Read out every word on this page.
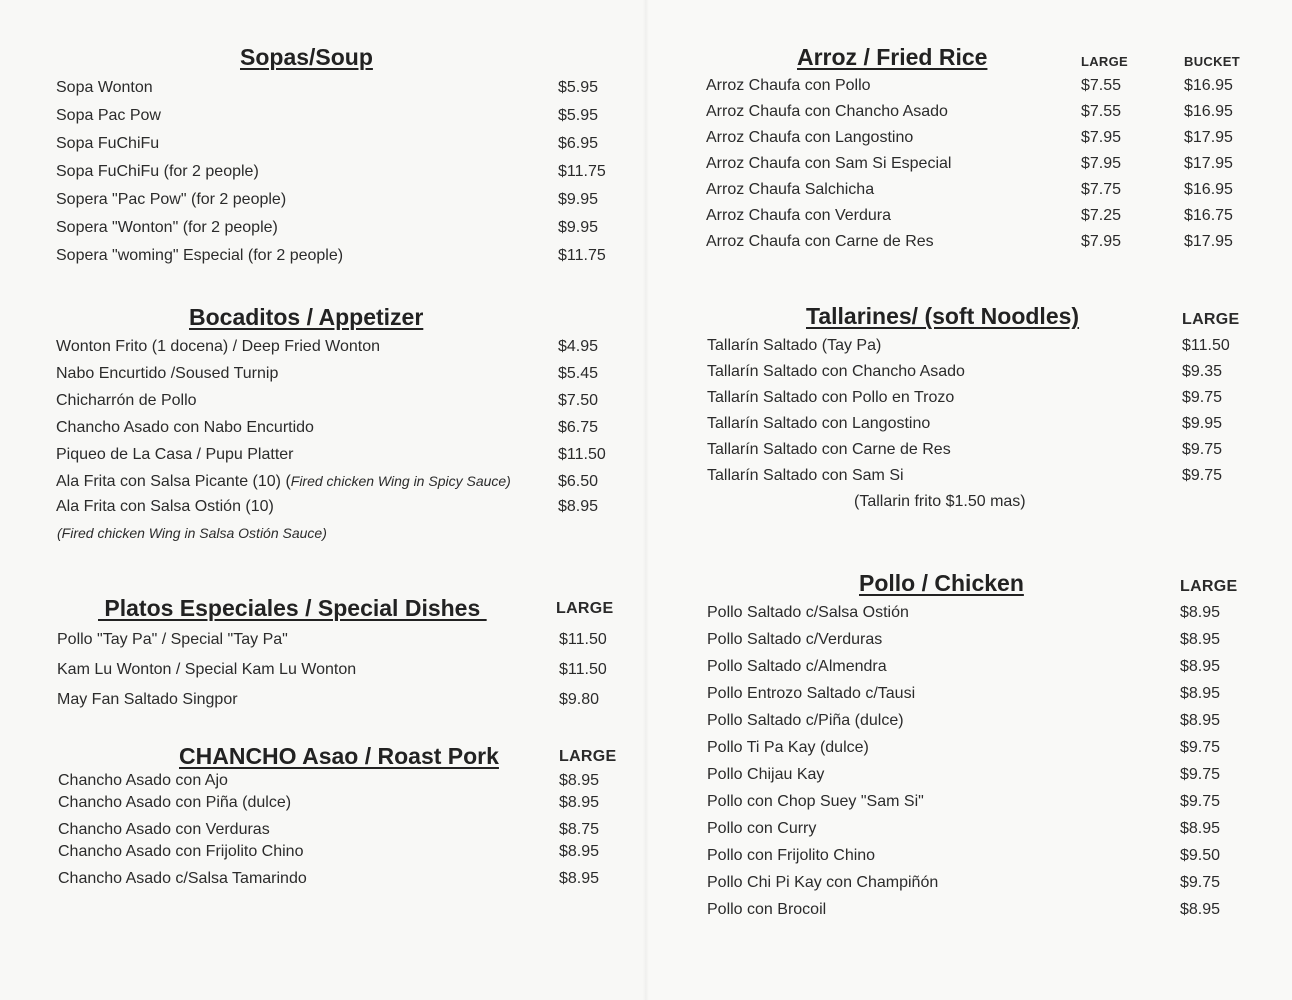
Sopas/Soup
Sopa Wonton	$5.95
Sopa Pac Pow	$5.95
Sopa FuChiFu	$6.95
Sopa FuChiFu (for 2 people)	$11.75
Sopera "Pac Pow" (for 2 people)	$9.95
Sopera "Wonton" (for 2 people)	$9.95
Sopera "woming" Especial (for 2 people)	$11.75
Bocaditos / Appetizer
Wonton Frito (1 docena) / Deep Fried Wonton	$4.95
Nabo Encurtido /Soused Turnip	$5.45
Chicharrón de Pollo	$7.50
Chancho Asado con Nabo Encurtido	$6.75
Piqueo de La Casa / Pupu Platter	$11.50
Ala Frita con Salsa Picante (10) (Fired chicken Wing in Spicy Sauce)	$6.50
Ala Frita con Salsa Ostión (10)	$8.95
(Fired chicken Wing in Salsa Ostión Sauce)
Platos Especiales / Special Dishes	LARGE
Pollo "Tay Pa" / Special "Tay Pa"	$11.50
Kam Lu Wonton / Special Kam Lu Wonton	$11.50
May Fan Saltado Singpor	$9.80
CHANCHO Asao / Roast Pork	LARGE
Chancho Asado con Ajo	$8.95
Chancho Asado con Piña (dulce)	$8.95
Chancho Asado con Verduras	$8.75
Chancho Asado con Frijolito Chino	$8.95
Chancho Asado c/Salsa Tamarindo	$8.95
Arroz / Fried Rice	LARGE	BUCKET
Arroz Chaufa con Pollo	$7.55	$16.95
Arroz Chaufa con Chancho Asado	$7.55	$16.95
Arroz Chaufa con Langostino	$7.95	$17.95
Arroz Chaufa con Sam Si Especial	$7.95	$17.95
Arroz Chaufa Salchicha	$7.75	$16.95
Arroz Chaufa con Verdura	$7.25	$16.75
Arroz Chaufa con Carne de Res	$7.95	$17.95
Tallarines/ (soft Noodles)	LARGE
Tallarín Saltado (Tay Pa)	$11.50
Tallarín Saltado con Chancho Asado	$9.35
Tallarín Saltado con Pollo en Trozo	$9.75
Tallarín Saltado con Langostino	$9.95
Tallarín Saltado con Carne de Res	$9.75
Tallarín Saltado con Sam Si	$9.75
(Tallarin frito $1.50 mas)
Pollo / Chicken	LARGE
Pollo Saltado c/Salsa Ostión	$8.95
Pollo Saltado c/Verduras	$8.95
Pollo Saltado c/Almendra	$8.95
Pollo Entrozo Saltado c/Tausi	$8.95
Pollo Saltado c/Piña (dulce)	$8.95
Pollo Ti Pa Kay (dulce)	$9.75
Pollo Chijau Kay	$9.75
Pollo con Chop Suey "Sam Si"	$9.75
Pollo con Curry	$8.95
Pollo con Frijolito Chino	$9.50
Pollo Chi Pi Kay con Champiñón	$9.75
Pollo con Brocoil	$8.95
